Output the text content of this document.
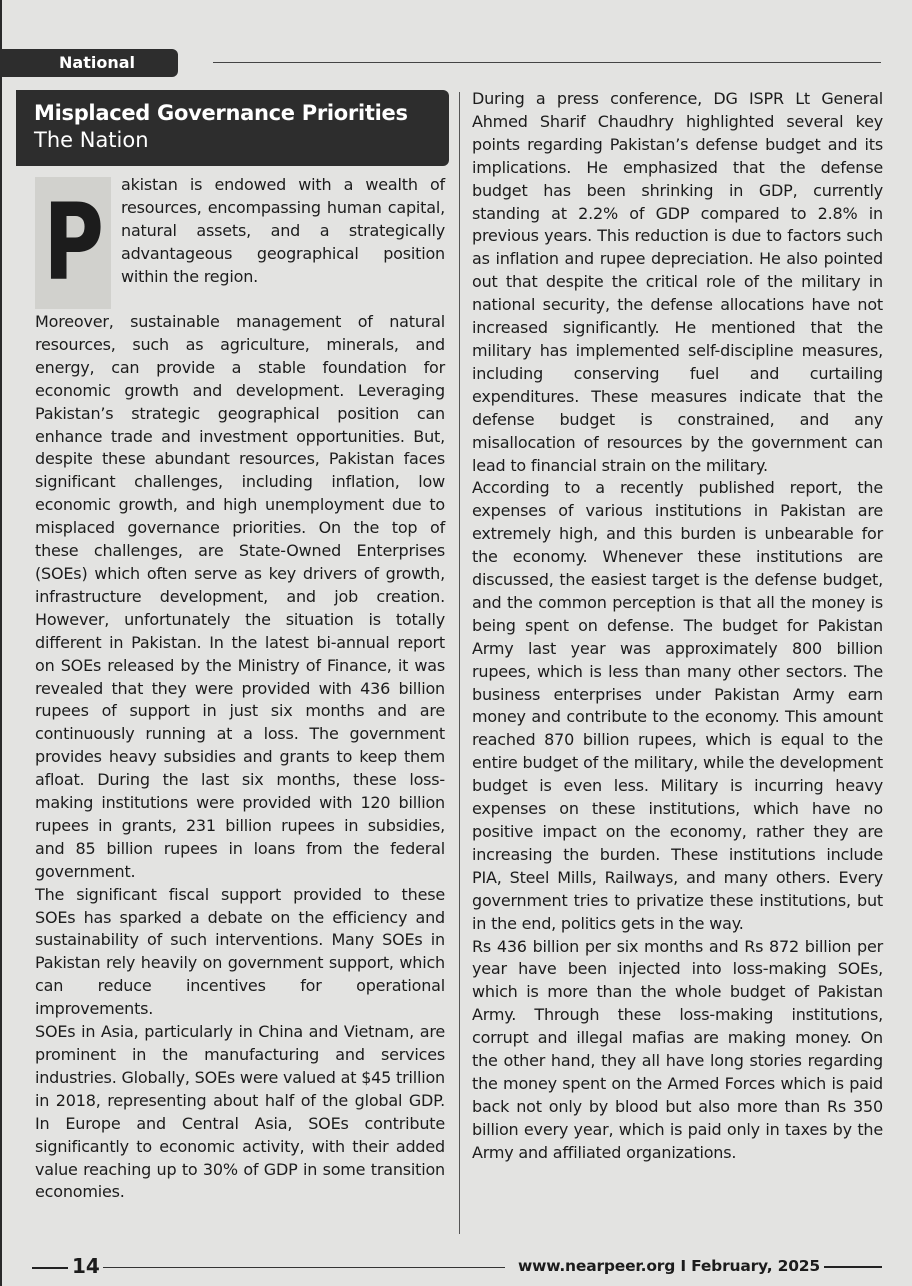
National
Misplaced Governance Priorities
The Nation
P	akistan is endowed with a wealth of resources, encompassing human capital, natural assets, and a strategically advantageous geographical position within the region.

Moreover, sustainable management of natural resources, such as agriculture, minerals, and energy, can provide a stable foundation for economic growth and development. Leveraging Pakistan’s strategic geographical position can enhance trade and investment opportunities. But, despite these abundant resources, Pakistan faces significant challenges, including inflation, low economic growth, and high unemployment due to misplaced governance priorities. On the top of these challenges, are State-Owned Enterprises (SOEs) which often serve as key drivers of growth, infrastructure development, and job creation. However, unfortunately the situation is totally different in Pakistan. In the latest bi-annual report on SOEs released by the Ministry of Finance, it was revealed that they were provided with 436 billion rupees of support in just six months and are continuously running at a loss. The government provides heavy subsidies and grants to keep them afloat. During the last six months, these loss-making institutions were provided with 120 billion rupees in grants, 231 billion rupees in subsidies, and 85 billion rupees in loans from the federal government.

The significant fiscal support provided to these SOEs has sparked a debate on the efficiency and sustainability of such interventions. Many SOEs in Pakistan rely heavily on government support, which can reduce incentives for operational improvements.

SOEs in Asia, particularly in China and Vietnam, are prominent in the manufacturing and services industries. Globally, SOEs were valued at $45 trillion in 2018, representing about half of the global GDP. In Europe and Central Asia, SOEs contribute significantly to economic activity, with their added value reaching up to 30% of GDP in some transition economies.

During a press conference, DG ISPR Lt General Ahmed Sharif Chaudhry highlighted several key points regarding Pakistan’s defense budget and its implications. He emphasized that the defense budget has been shrinking in GDP, currently standing at 2.2% of GDP compared to 2.8% in previous years. This reduction is due to factors such as inflation and rupee depreciation. He also pointed out that despite the critical role of the military in national security, the defense allocations have not increased significantly. He mentioned that the military has implemented self-discipline measures, including conserving fuel and curtailing expenditures. These measures indicate that the defense budget is constrained, and any misallocation of resources by the government can lead to financial strain on the military.

According to a recently published report, the expenses of various institutions in Pakistan are extremely high, and this burden is unbearable for the economy. Whenever these institutions are discussed, the easiest target is the defense budget, and the common perception is that all the money is being spent on defense. The budget for Pakistan Army last year was approximately 800 billion rupees, which is less than many other sectors. The business enterprises under Pakistan Army earn money and contribute to the economy. This amount reached 870 billion rupees, which is equal to the entire budget of the military, while the development budget is even less. Military is incurring heavy expenses on these institutions, which have no positive impact on the economy, rather they are increasing the burden. These institutions include PIA, Steel Mills, Railways, and many others. Every government tries to privatize these institutions, but in the end, politics gets in the way.

Rs 436 billion per six months and Rs 872 billion per year have been injected into loss-making SOEs, which is more than the whole budget of Pakistan Army. Through these loss-making institutions, corrupt and illegal mafias are making money. On the other hand, they all have long stories regarding the money spent on the Armed Forces which is paid back not only by blood but also more than Rs 350 billion every year, which is paid only in taxes by the Army and affiliated organizations.

14	www.nearpeer.org I February, 2025
